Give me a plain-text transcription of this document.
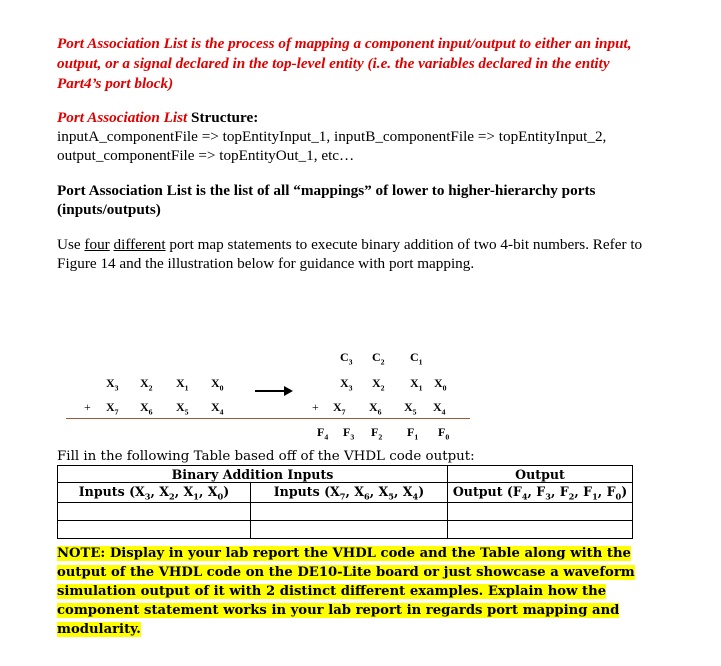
Port Association List is the process of mapping a component input/output to either an input, output, or a signal declared in the top-level entity (i.e. the variables declared in the entity Part4’s port block)
Port Association List Structure:
inputA_componentFile => topEntityInput_1, inputB_componentFile => topEntityInput_2, output_componentFile => topEntityOut_1, etc…
Port Association List is the list of all “mappings” of lower to higher-hierarchy ports (inputs/outputs)
Use four different port map statements to execute binary addition of two 4-bit numbers. Refer to Figure 14 and the illustration below for guidance with port mapping.
$C_3$ $C_2$ $C_1$
$X_3$ $X_2$ $X_1$ $X_0$
+ $X_7$ $X_6$ $X_5$ $X_4$
$X_3$ $X_2$ $X_1$ $X_0$
+ $X_7$ $X_6$ $X_5$ $X_4$
$F_4$ $F_3$ $F_2$ $F_1$ $F_0$
Fill in the following Table based off of the VHDL code output:
Binary Addition Inputs		Output
Inputs ($X_3$, $X_2$, $X_1$, $X_0$)	Inputs ($X_7$, $X_6$, $X_5$, $X_4$)	Output ($F_4$, $F_3$, $F_2$, $F_1$, $F_0$)

NOTE: Display in your lab report the VHDL code and the Table along with the output of the VHDL code on the DE10-Lite board or just showcase a waveform simulation output of it with 2 distinct different examples. Explain how the component statement works in your lab report in regards port mapping and modularity.
